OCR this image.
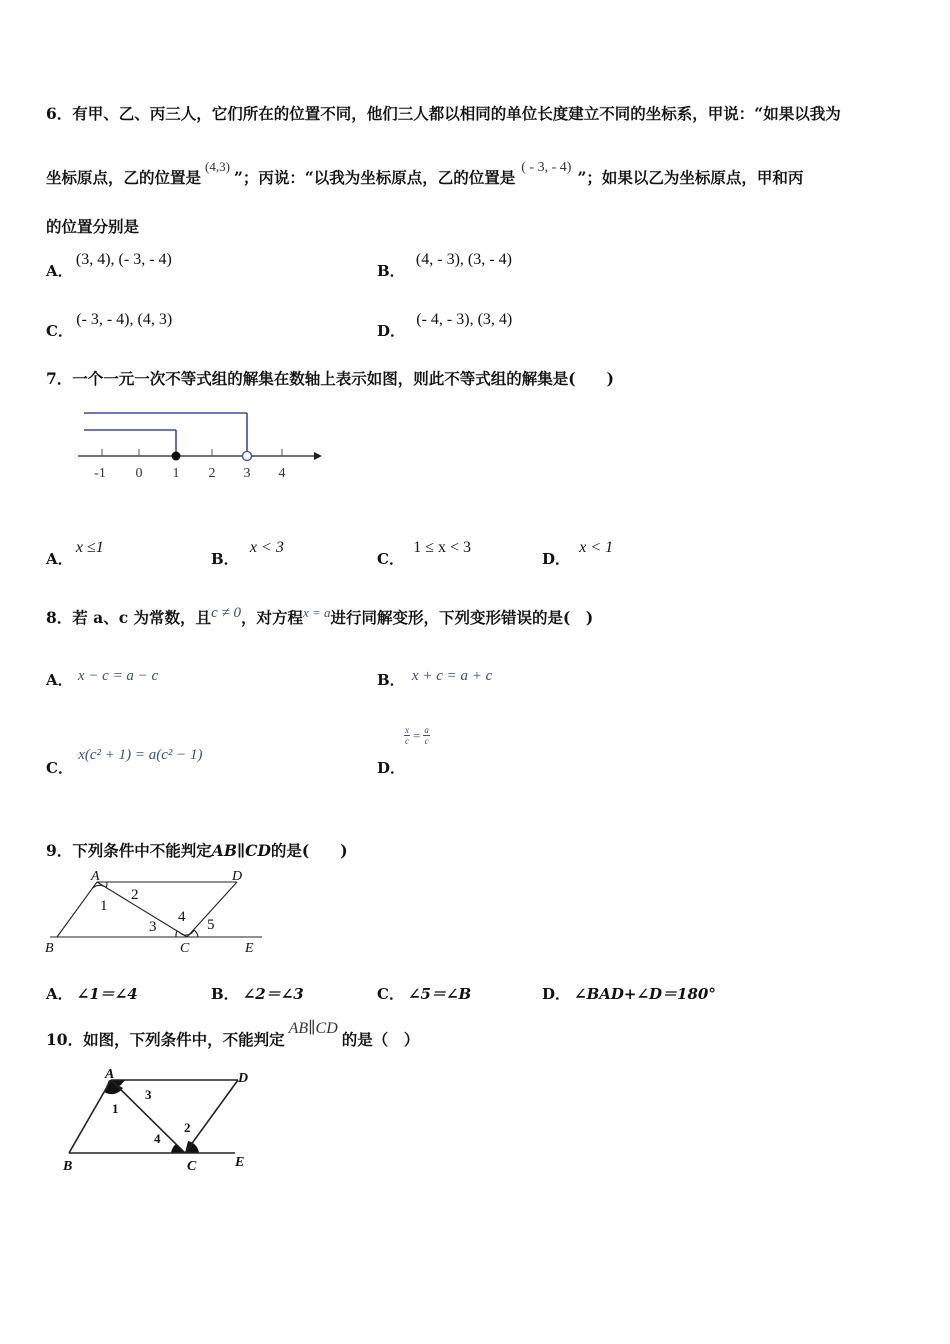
6．有甲、乙、丙三人，它们所在的位置不同，他们三人都以相同的单位长度建立不同的坐标系，甲说：“如果以我为
坐标原点，乙的位置是$^{(4,3)}$”；丙说：“以我为坐标原点，乙的位置是( - 3, - 4)”；如果以乙为坐标原点，甲和丙
的位置分别是
A． (3, 4), (- 3, - 4)
B． (4, - 3), (3, - 4)
C． (- 3, - 4), (4, 3)
D． (- 4, - 3), (3, 4)
7．一个一元一次不等式组的解集在数轴上表示如图，则此不等式组的解集是(　　)
-1 0 1 2 3 4
A． x ≤1
B． x < 3
C． 1 ≤ x < 3
D． x < 1
8．若 a、c 为常数，且c ≠ 0，对方程$^{x = a}$进行同解变形，下列变形错误的是(　)
A． x − c = a − c	B． x + c = a + c
C． x(c² + 1) = a(c² − 1)
D．
$\frac{x}{c} = \frac{a}{c}$
9．下列条件中不能判定AB∥CD的是(　　)
A	D
B	C	E
1
2
3
4 5
A． ∠1＝∠4	B． ∠2＝∠3	C． ∠5＝∠B	D． ∠BAD+∠D＝180°
10．如图，下列条件中，不能判定AB∥CD的是（　）
A	D
B	C	E
1
3
4
2
